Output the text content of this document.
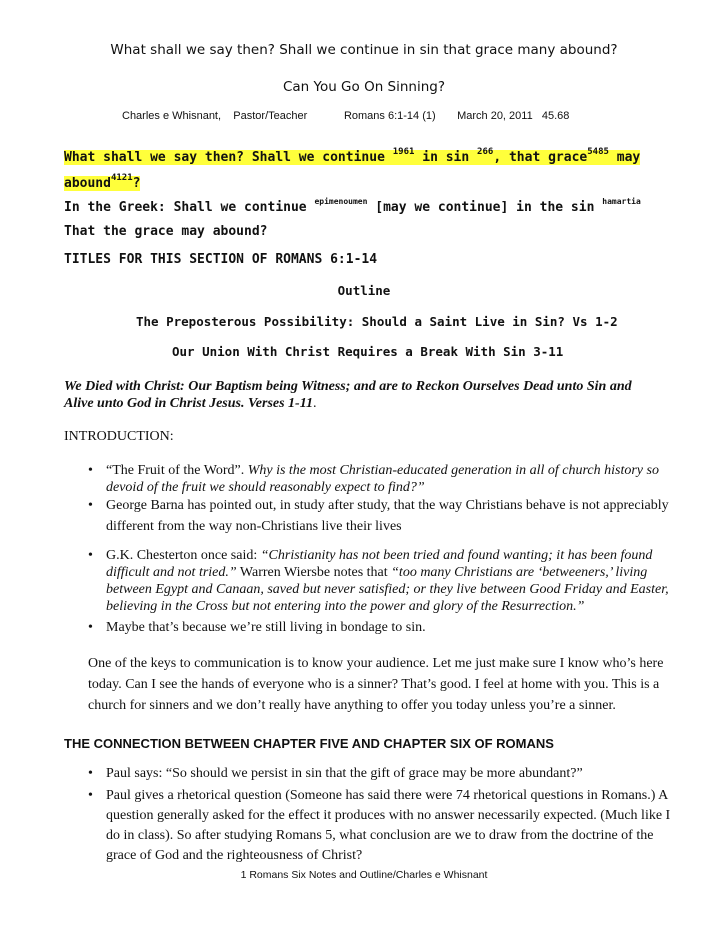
What shall we say then? Shall we continue in sin that grace many abound?
Can You Go On Sinning?
Charles e Whisnant, Pastor/Teacher	Romans 6:1-14 (1) March 20, 2011 45.68
What shall we say then? Shall we continue $^{1961}$ in sin $^{266}$, that grace$^{5485}$ may
abound$^{4121}$?
In the Greek: Shall we continue $^{epimenoumen}$ [may we continue] in the sin $^{hamartia}$ That the grace may abound?
TITLES FOR THIS SECTION OF ROMANS 6:1-14
Outline
The Preposterous Possibility: Should a Saint Live in Sin? Vs 1-2
Our Union With Christ Requires a Break With Sin 3-11
We Died with Christ: Our Baptism being Witness; and are to Reckon Ourselves Dead unto Sin and Alive unto God in Christ Jesus. Verses 1-11.
INTRODUCTION:
• “The Fruit of the Word”. Why is the most Christian-educated generation in all of church history so devoid of the fruit we should reasonably expect to find?”
• George Barna has pointed out, in study after study, that the way Christians behave is not appreciably different from the way non-Christians live their lives
• G.K. Chesterton once said: “Christianity has not been tried and found wanting; it has been found difficult and not tried.” Warren Wiersbe notes that “too many Christians are ‘betweeners,’ living between Egypt and Canaan, saved but never satisfied; or they live between Good Friday and Easter, believing in the Cross but not entering into the power and glory of the Resurrection.”
• Maybe that’s because we’re still living in bondage to sin.
One of the keys to communication is to know your audience. Let me just make sure I know who’s here today. Can I see the hands of everyone who is a sinner? That’s good. I feel at home with you. This is a church for sinners and we don’t really have anything to offer you today unless you’re a sinner.
THE CONNECTION BETWEEN CHAPTER FIVE AND CHAPTER SIX OF ROMANS
• Paul says: “So should we persist in sin that the gift of grace may be more abundant?”
• Paul gives a rhetorical question (Someone has said there were 74 rhetorical questions in Romans.) A question generally asked for the effect it produces with no answer necessarily expected. (Much like I do in class). So after studying Romans 5, what conclusion are we to draw from the doctrine of the grace of God and the righteousness of Christ?
1 Romans Six Notes and Outline/Charles e Whisnant
